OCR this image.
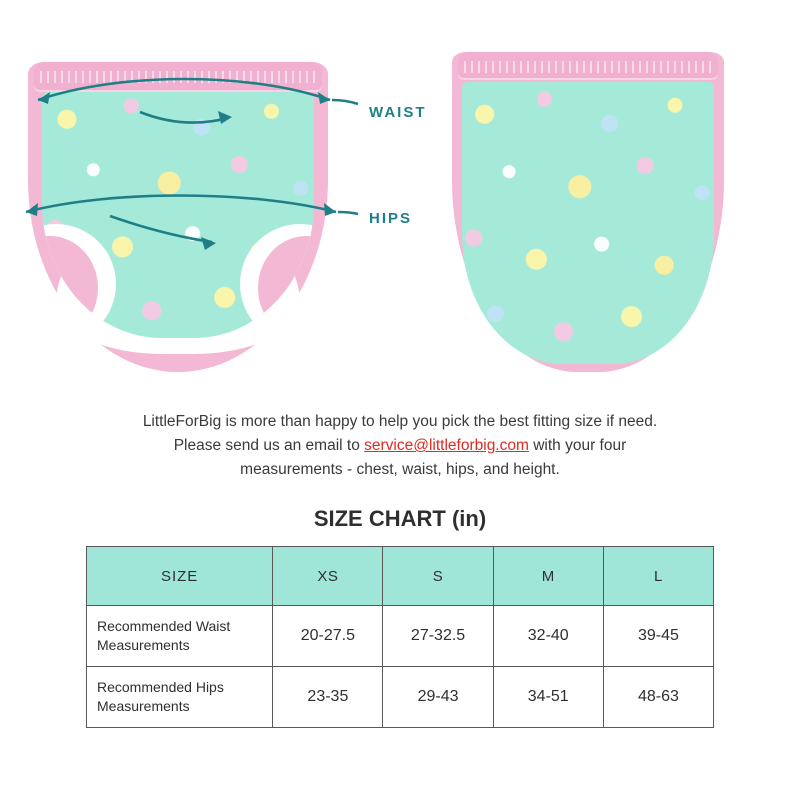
WAIST
HIPS
LittleForBig is more than happy to help you pick the best fitting size if need.
Please send us an email to service@littleforbig.com with your four
measurements - chest, waist, hips, and height.
SIZE CHART (in)
SIZE	XS	S	M	L
Recommended Waist Measurements	20-27.5	27-32.5	32-40	39-45
Recommended Hips Measurements	23-35	29-43	34-51	48-63
